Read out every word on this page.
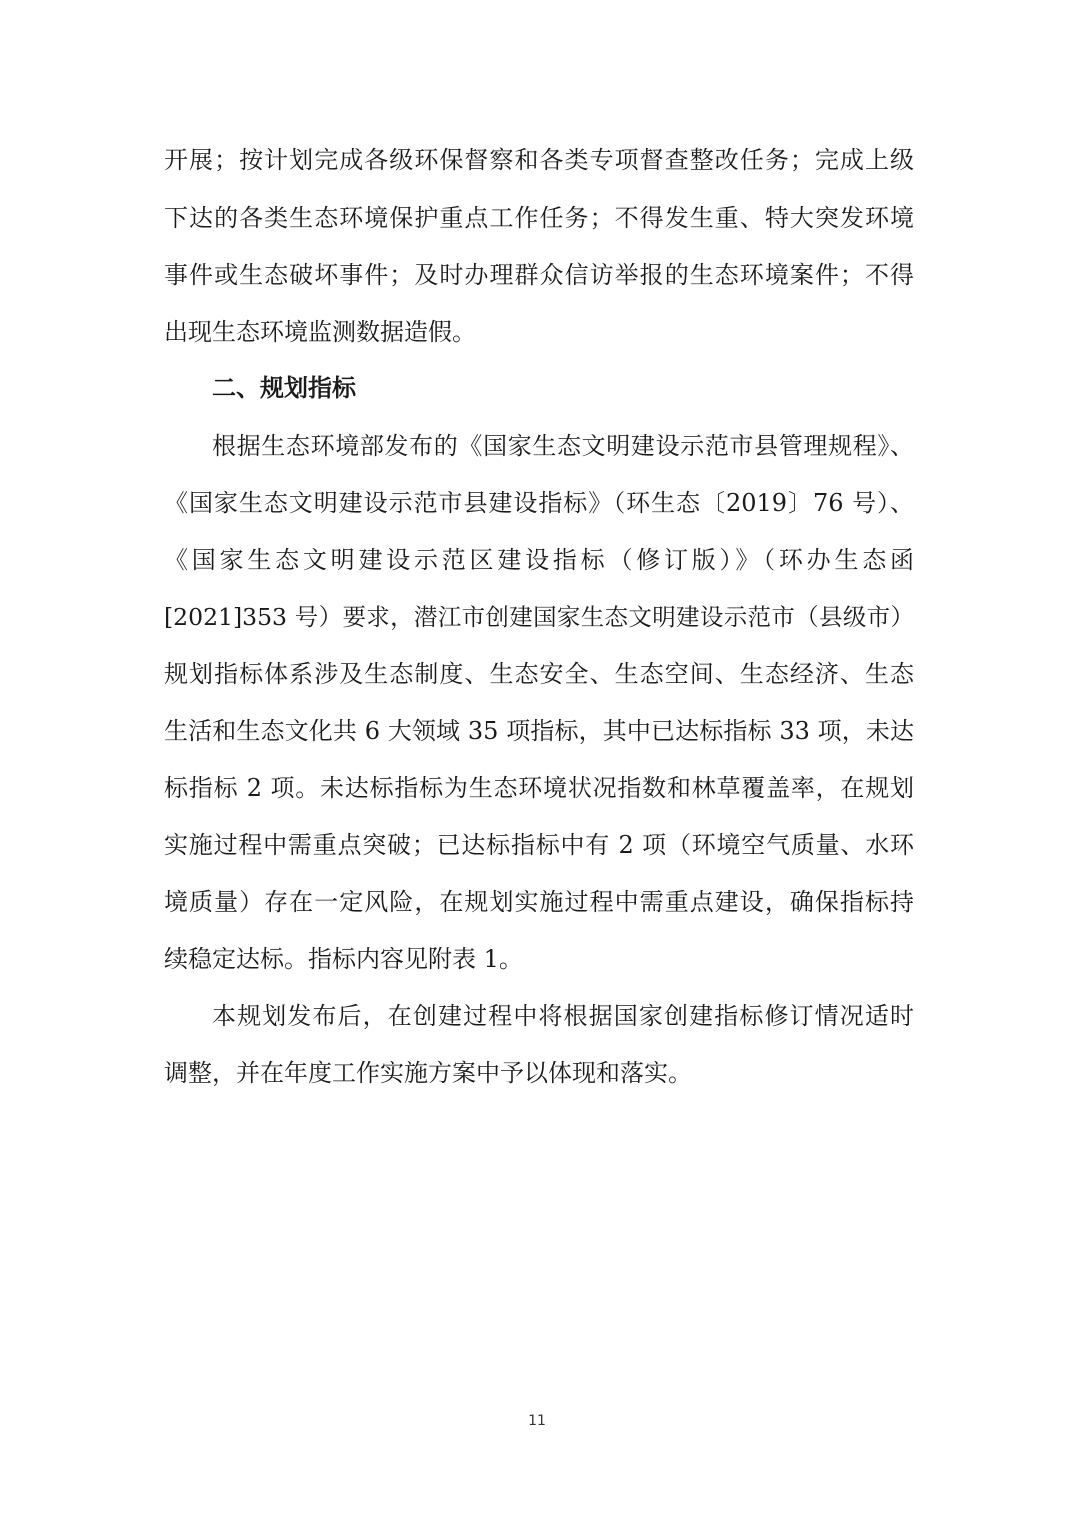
开展；按计划完成各级环保督察和各类专项督查整改任务；完成上级
下达的各类生态环境保护重点工作任务；不得发生重、特大突发环境
事件或生态破坏事件；及时办理群众信访举报的生态环境案件；不得
出现生态环境监测数据造假。
二、规划指标
根据生态环境部发布的《国家生态文明建设示范市县管理规程》、
《国家生态文明建设示范市县建设指标》（环生态〔2019〕76 号）、
《国家生态文明建设示范区建设指标（修订版）》（环办生态函
[2021]353 号）要求，潜江市创建国家生态文明建设示范市（县级市）
规划指标体系涉及生态制度、生态安全、生态空间、生态经济、生态
生活和生态文化共 6 大领域 35 项指标，其中已达标指标 33 项，未达
标指标 2 项。未达标指标为生态环境状况指数和林草覆盖率，在规划
实施过程中需重点突破；已达标指标中有 2 项（环境空气质量、水环
境质量）存在一定风险，在规划实施过程中需重点建设，确保指标持
续稳定达标。指标内容见附表 1。
本规划发布后，在创建过程中将根据国家创建指标修订情况适时
调整，并在年度工作实施方案中予以体现和落实。
11
